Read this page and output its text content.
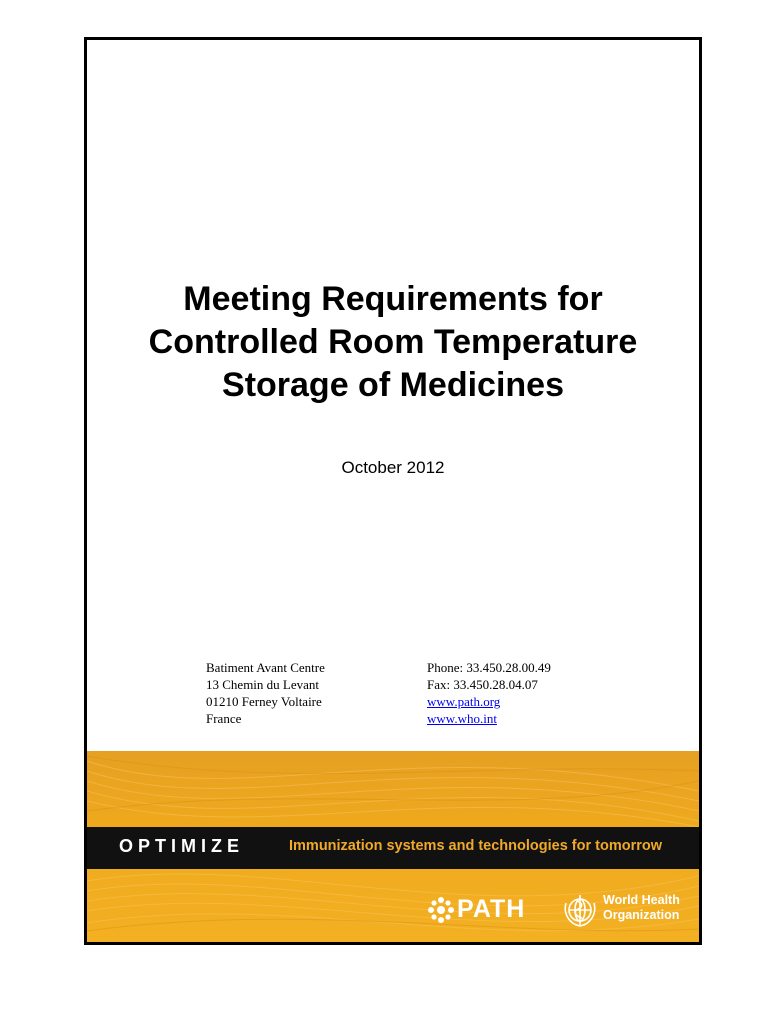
Meeting Requirements for
Controlled Room Temperature
Storage of Medicines
October 2012
Batiment Avant Centre
13 Chemin du Levant
01210 Ferney Voltaire
France
Phone: 33.450.28.00.49
Fax: 33.450.28.04.07
www.path.org
www.who.int
OPTIMIZE	Immunization systems and technologies for tomorrow
PATH	World Health
Organization
